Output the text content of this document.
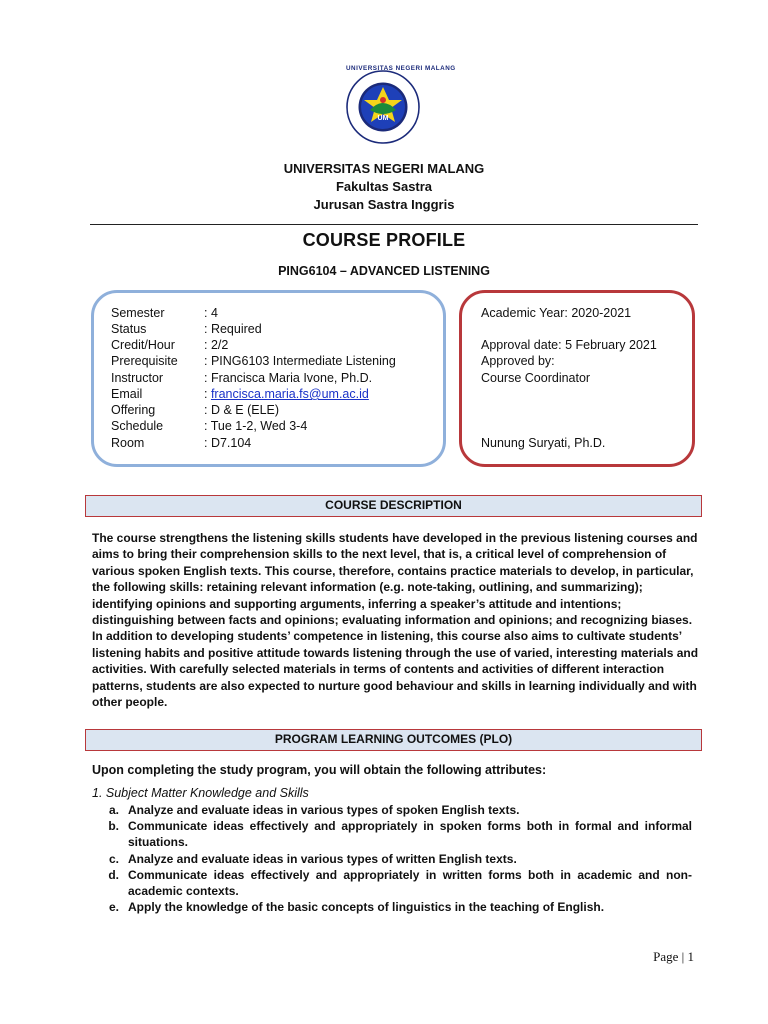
UNIVERSITAS NEGERI MALANG
UM
UNIVERSITAS NEGERI MALANG
Fakultas Sastra
Jurusan Sastra Inggris
COURSE PROFILE
PING6104 – ADVANCED LISTENING
Semester	: 4
Status	: Required
Credit/Hour : 2/2
Prerequisite : PING6103 Intermediate Listening
Instructor	: Francisca Maria Ivone, Ph.D.
Email	: francisca.maria.fs@um.ac.id
Offering	: D & E (ELE)
Schedule	: Tue 1-2, Wed 3-4
Room	: D7.104
Academic Year: 2020-2021
Approval date: 5 February 2021
Approved by:
Course Coordinator
Nunung Suryati, Ph.D.
COURSE DESCRIPTION

The course strengthens the listening skills students have developed in the previous listening courses and aims to bring their comprehension skills to the next level, that is, a critical level of comprehension of various spoken English texts. This course, therefore, contains practice materials to develop, in particular, the following skills: retaining relevant information (e.g. note-taking, outlining, and summarizing); identifying opinions and supporting arguments, inferring a speaker’s attitude and intentions; distinguishing between facts and opinions; evaluating information and opinions; and recognizing biases. In addition to developing students’ competence in listening, this course also aims to cultivate students’ listening habits and positive attitude towards listening through the use of varied, interesting materials and activities. With carefully selected materials in terms of contents and activities of different interaction patterns, students are also expected to nurture good behaviour and skills in learning individually and with other people.

PROGRAM LEARNING OUTCOMES (PLO)
Upon completing the study program, you will obtain the following attributes:
1. Subject Matter Knowledge and Skills
a. Analyze and evaluate ideas in various types of spoken English texts.
b. Communicate ideas effectively and appropriately in spoken forms both in formal and informal situations.
c. Analyze and evaluate ideas in various types of written English texts.
d. Communicate ideas effectively and appropriately in written forms both in academic and non-academic contexts.
e. Apply the knowledge of the basic concepts of linguistics in the teaching of English.
Page | 1
